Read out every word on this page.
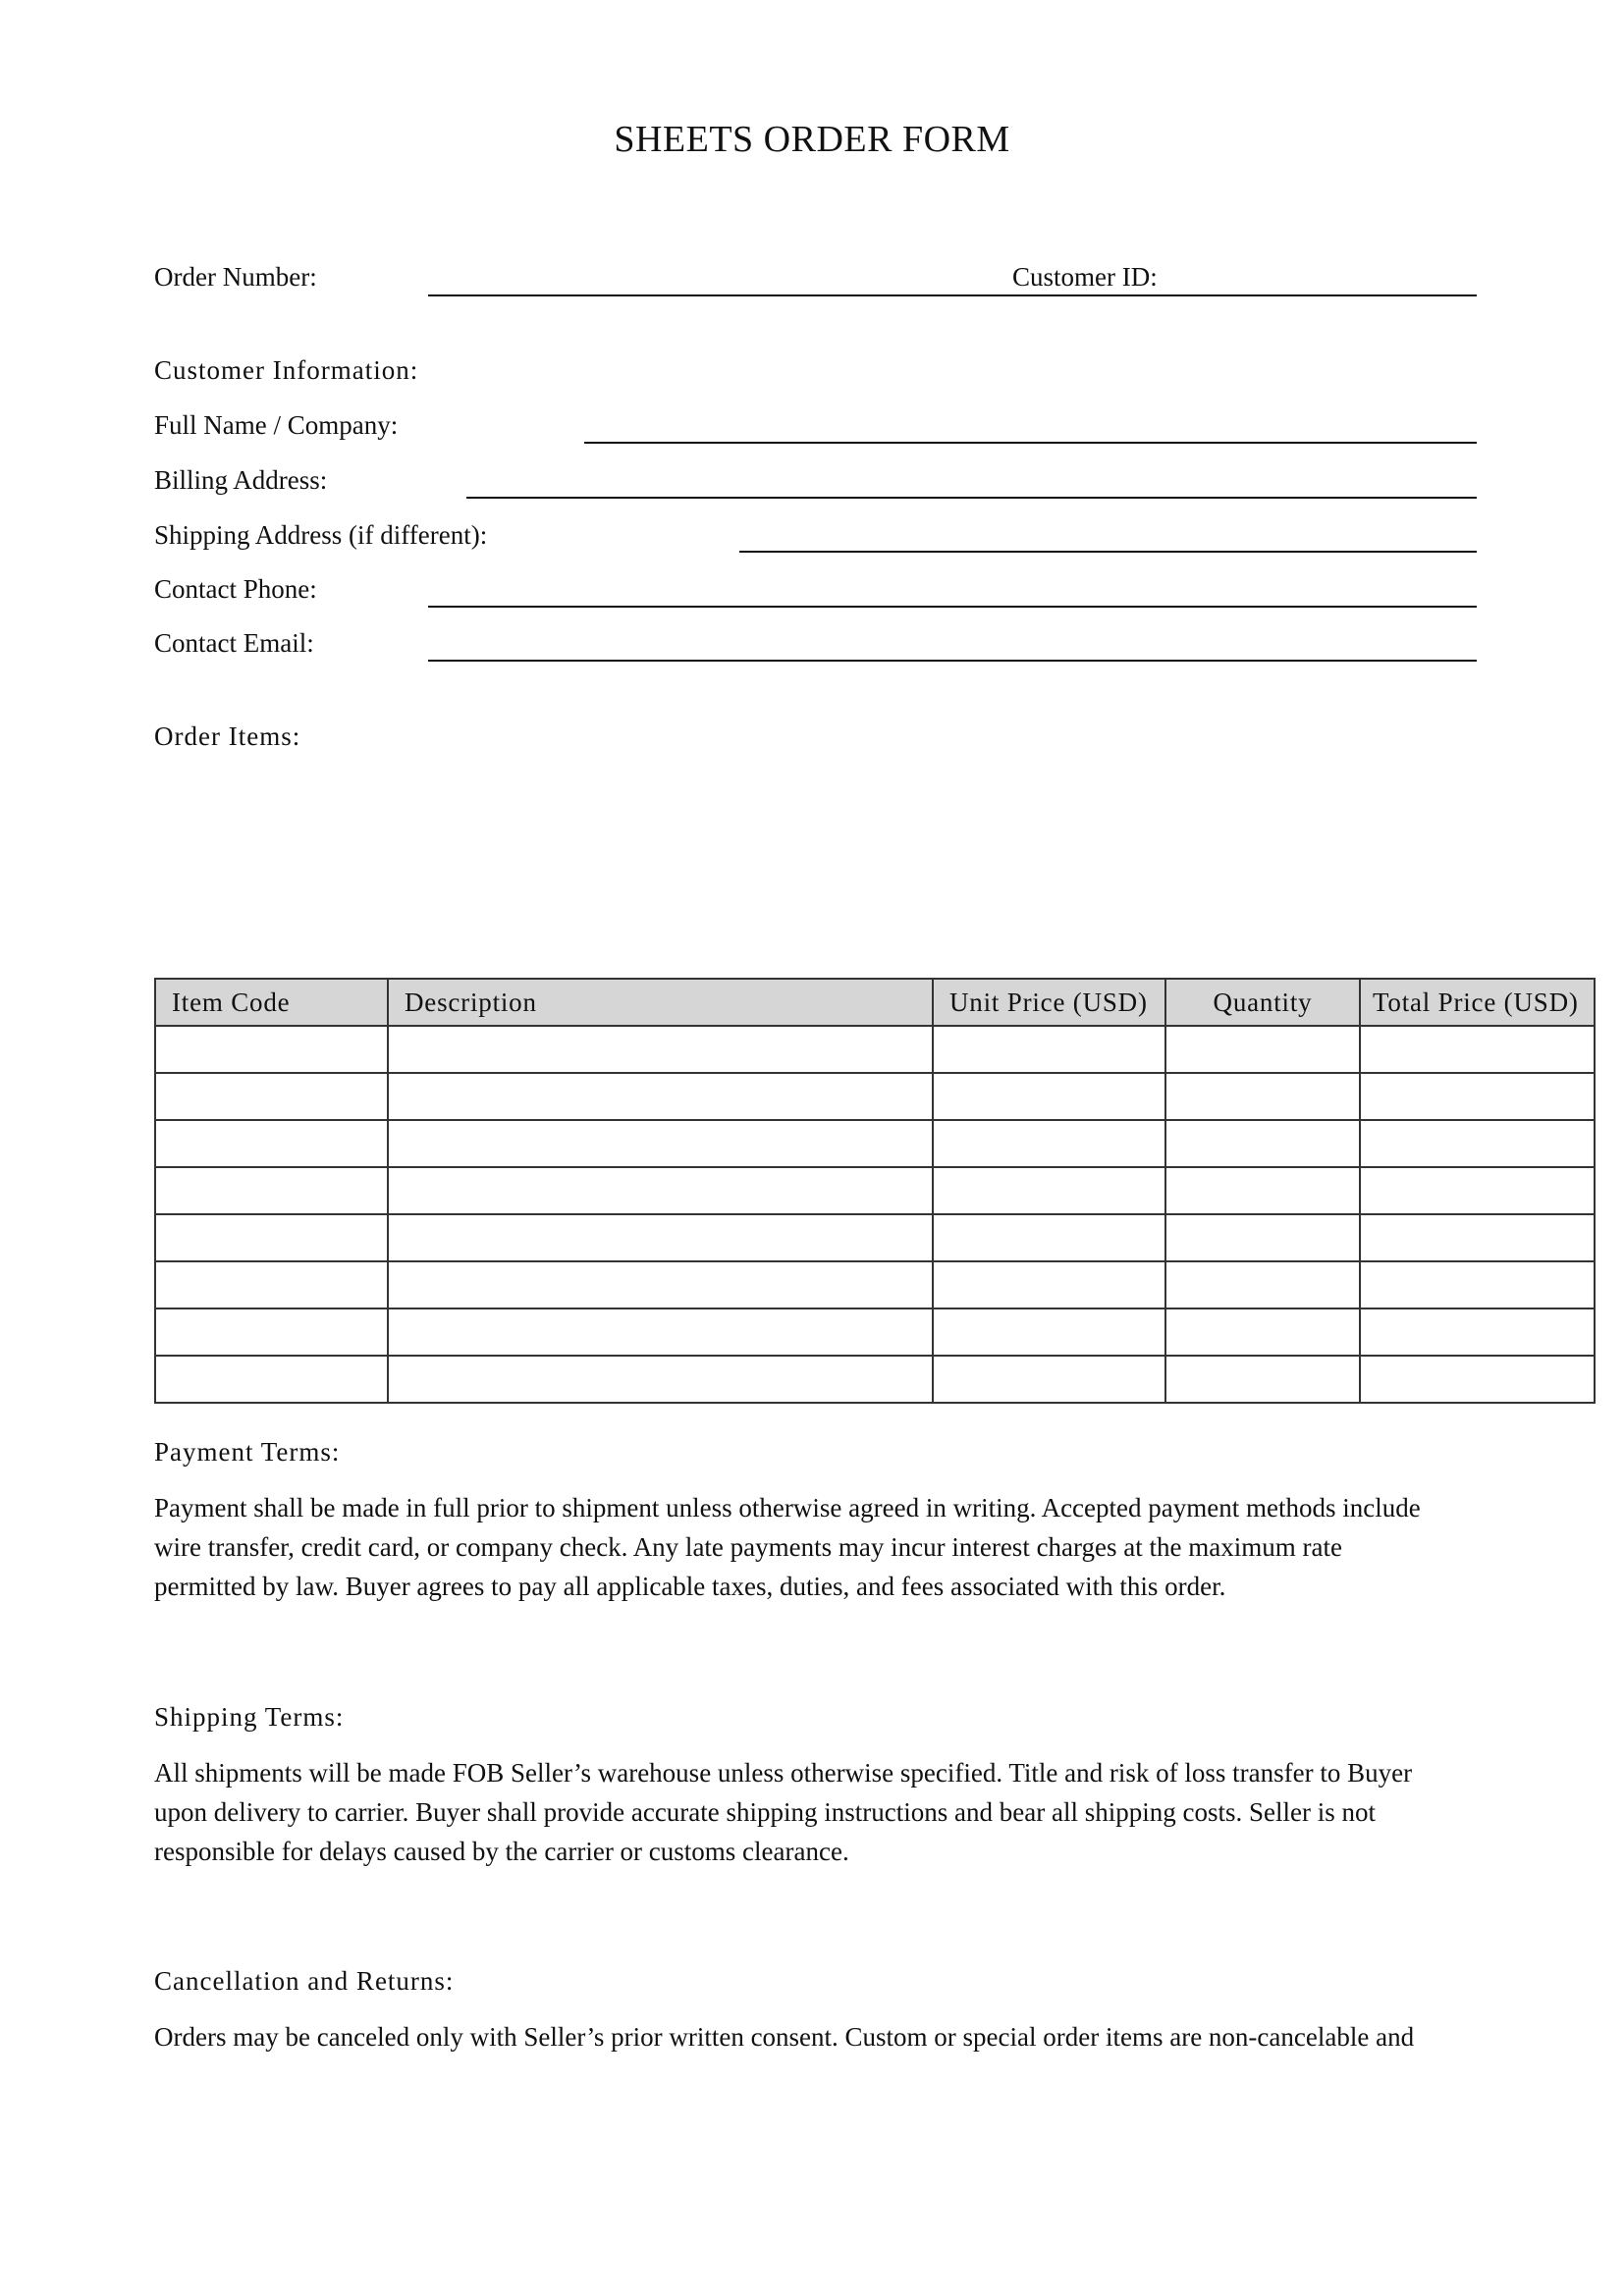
SHEETS ORDER FORM
Order Number:	Customer ID:
Customer Information:
Full Name / Company:
Billing Address:
Shipping Address (if different):
Contact Phone:
Contact Email:
Order Items:
Item Code	Description	Unit Price (USD)	Quantity	Total Price (USD)

Payment Terms:
Payment shall be made in full prior to shipment unless otherwise agreed in writing. Accepted payment methods include
wire transfer, credit card, or company check. Any late payments may incur interest charges at the maximum rate
permitted by law. Buyer agrees to pay all applicable taxes, duties, and fees associated with this order.
Shipping Terms:
All shipments will be made FOB Seller’s warehouse unless otherwise specified. Title and risk of loss transfer to Buyer
upon delivery to carrier. Buyer shall provide accurate shipping instructions and bear all shipping costs. Seller is not
responsible for delays caused by the carrier or customs clearance.
Cancellation and Returns:
Orders may be canceled only with Seller’s prior written consent. Custom or special order items are non-cancelable and
